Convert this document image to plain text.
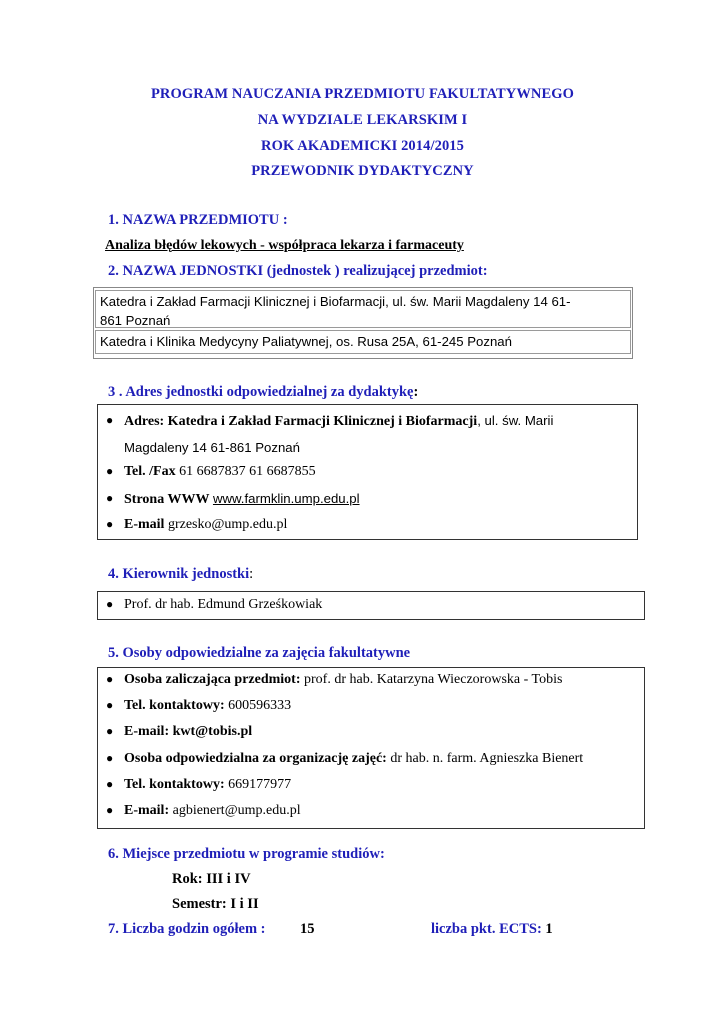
PROGRAM NAUCZANIA PRZEDMIOTU FAKULTATYWNEGO
NA WYDZIALE LEKARSKIM I
ROK AKADEMICKI 2014/2015
PRZEWODNIK DYDAKTYCZNY
1. NAZWA PRZEDMIOTU :
Analiza błędów lekowych - współpraca lekarza i farmaceuty
2. NAZWA JEDNOSTKI (jednostek ) realizującej przedmiot:
Katedra i Zakład Farmacji Klinicznej i Biofarmacji, ul. św. Marii Magdaleny 14 61-
861 Poznań
Katedra i Klinika Medycyny Paliatywnej, os. Rusa 25A, 61-245 Poznań
3 . Adres jednostki odpowiedzialnej za dydaktykę:
● Adres: Katedra i Zakład Farmacji Klinicznej i Biofarmacji, ul. św. Marii
Magdaleny 14 61-861 Poznań
● Tel. /Fax 61 6687837 61 6687855
● Strona WWW www.farmklin.ump.edu.pl
● E-mail grzesko@ump.edu.pl
4. Kierownik jednostki:
● Prof. dr hab. Edmund Grześkowiak
5. Osoby odpowiedzialne za zajęcia fakultatywne
● Osoba zaliczająca przedmiot: prof. dr hab. Katarzyna Wieczorowska - Tobis
● Tel. kontaktowy: 600596333
● E-mail: kwt@tobis.pl
● Osoba odpowiedzialna za organizację zajęć: dr hab. n. farm. Agnieszka Bienert
● Tel. kontaktowy: 669177977
● E-mail: agbienert@ump.edu.pl
6. Miejsce przedmiotu w programie studiów:
Rok: III i IV
Semestr: I i II
7. Liczba godzin ogółem : 15	liczba pkt. ECTS: 1
